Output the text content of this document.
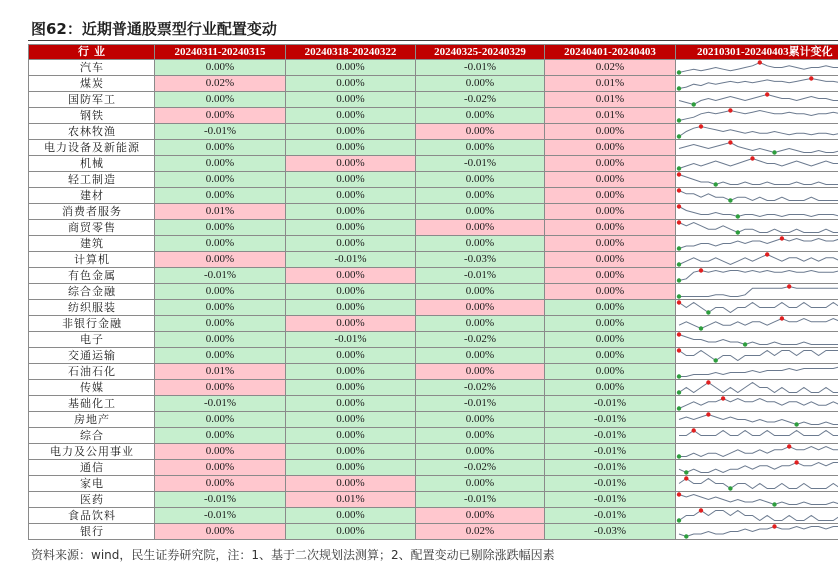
图62：近期普通股票型行业配置变动
行业	20240311-20240315	20240318-20240322	20240325-20240329	20240401-20240403	20210301-20240403累计变化
汽车	0.00%	0.00%	-0.01%	0.02%
煤炭	0.02%	0.00%	0.00%	0.01%
国防军工	0.00%	0.00%	-0.02%	0.01%
钢铁	0.00%	0.00%	0.00%	0.01%
农林牧渔	-0.01%	0.00%	0.00%	0.00%
电力设备及新能源	0.00%	0.00%	0.00%	0.00%
机械	0.00%	0.00%	-0.01%	0.00%
轻工制造	0.00%	0.00%	0.00%	0.00%
建材	0.00%	0.00%	0.00%	0.00%
消费者服务	0.01%	0.00%	0.00%	0.00%
商贸零售	0.00%	0.00%	0.00%	0.00%
建筑	0.00%	0.00%	0.00%	0.00%
计算机	0.00%	-0.01%	-0.03%	0.00%
有色金属	-0.01%	0.00%	-0.01%	0.00%
综合金融	0.00%	0.00%	0.00%	0.00%
纺织服装	0.00%	0.00%	0.00%	0.00%
非银行金融	0.00%	0.00%	0.00%	0.00%
电子	0.00%	-0.01%	-0.02%	0.00%
交通运输	0.00%	0.00%	0.00%	0.00%
石油石化	0.01%	0.00%	0.00%	0.00%
传媒	0.00%	0.00%	-0.02%	0.00%
基础化工	-0.01%	0.00%	-0.01%	-0.01%
房地产	0.00%	0.00%	0.00%	-0.01%
综合	0.00%	0.00%	0.00%	-0.01%
电力及公用事业	0.00%	0.00%	0.00%	-0.01%
通信	0.00%	0.00%	-0.02%	-0.01%
家电	0.00%	0.00%	0.00%	-0.01%
医药	-0.01%	0.01%	-0.01%	-0.01%
食品饮料	-0.01%	0.00%	0.00%	-0.01%
银行	0.00%	0.00%	0.02%	-0.03%
资料来源：wind，民生证券研究院，注：1、基于二次规划法测算；2、配置变动已剔除涨跌幅因素
